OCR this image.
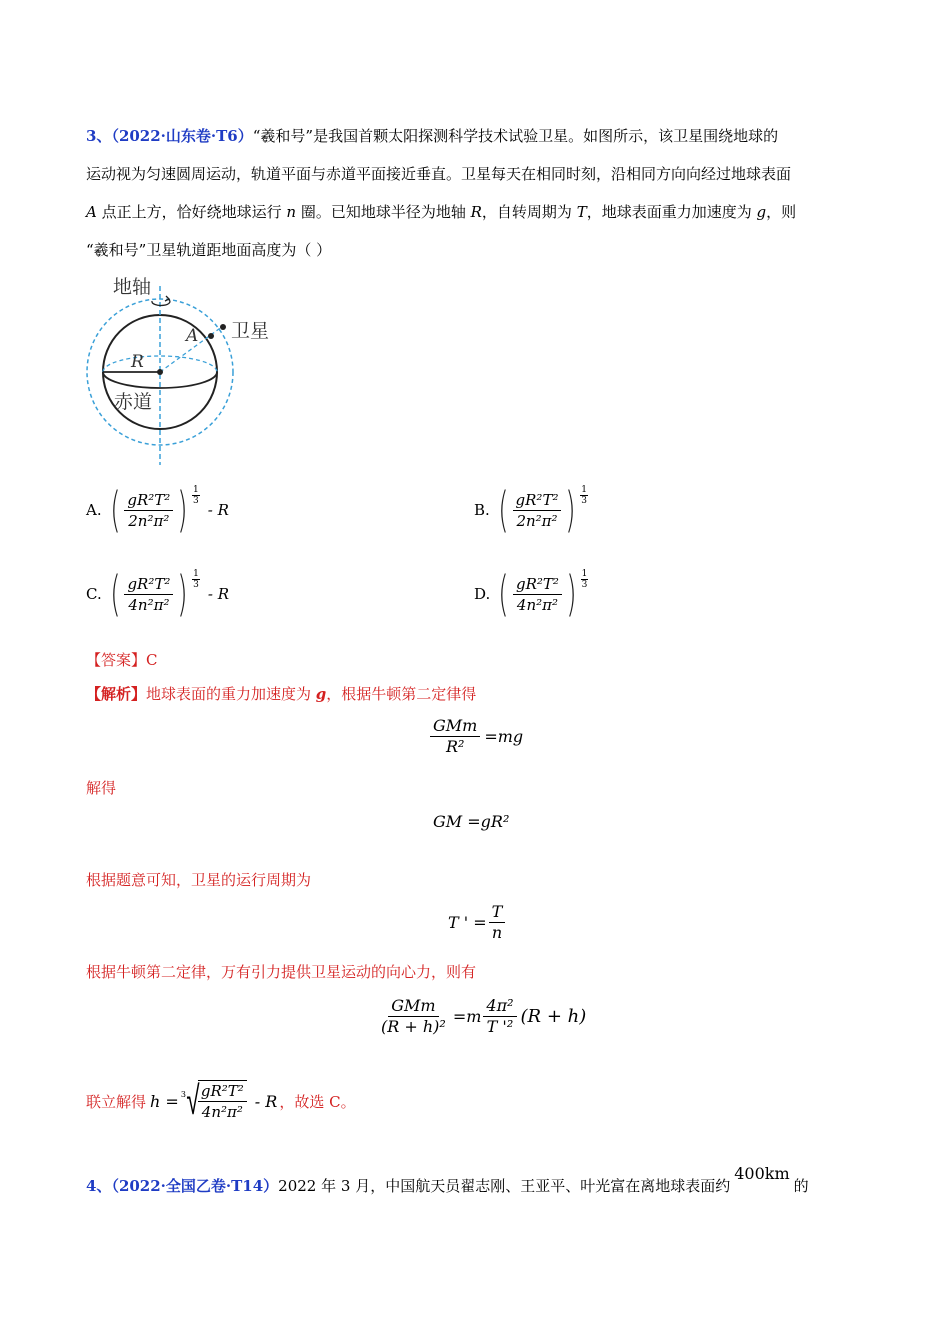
3、（2022·山东卷·T6）“羲和号”是我国首颗太阳探测科学技术试验卫星。如图所示，该卫星围绕地球的
运动视为匀速圆周运动，轨道平面与赤道平面接近垂直。卫星每天在相同时刻，沿相同方向向经过地球表面
A 点正上方，恰好绕地球运行 n 圈。已知地球半径为地轴 R，自转周期为 T，地球表面重力加速度为 g，则
“羲和号”卫星轨道距地面高度为（ ）
地轴
卫星
A
R
赤道
A. ( $\frac{\text{gR²T²}}{\text{2n²π²}}$ ) 1
3
- R	B. ( $\frac{\text{gR²T²}}{\text{2n²π²}}$ ) 1
3
C. ( $\frac{\text{gR²T²}}{\text{4n²π²}}$ ) 1
3
- R	D. ( $\frac{\text{gR²T²}}{\text{4n²π²}}$ ) 1
3
【答案】C
【解析】地球表面的重力加速度为 g，根据牛顿第二定律得
$\frac{\text{GMm}}{\text{R²}} =mg$
解得
GM =gR²
根据题意可知，卫星的运行周期为
T ' = $\frac{T}{n}$
根据牛顿第二定律，万有引力提供卫星运动的向心力，则有
$\frac{\text{GMm}}{\text{(R + h)²}} =m \frac{\text{4π²}}{\text{T '²}} (R + h)$
联立解得 h = 3 √
$\frac{\text{gR²T²}}{\text{4n²π²}}$ - R ，故选 C。
4、（2022·全国乙卷·T14）2022 年 3 月，中国航天员翟志刚、王亚平、叶光富在离地球表面约400km的
